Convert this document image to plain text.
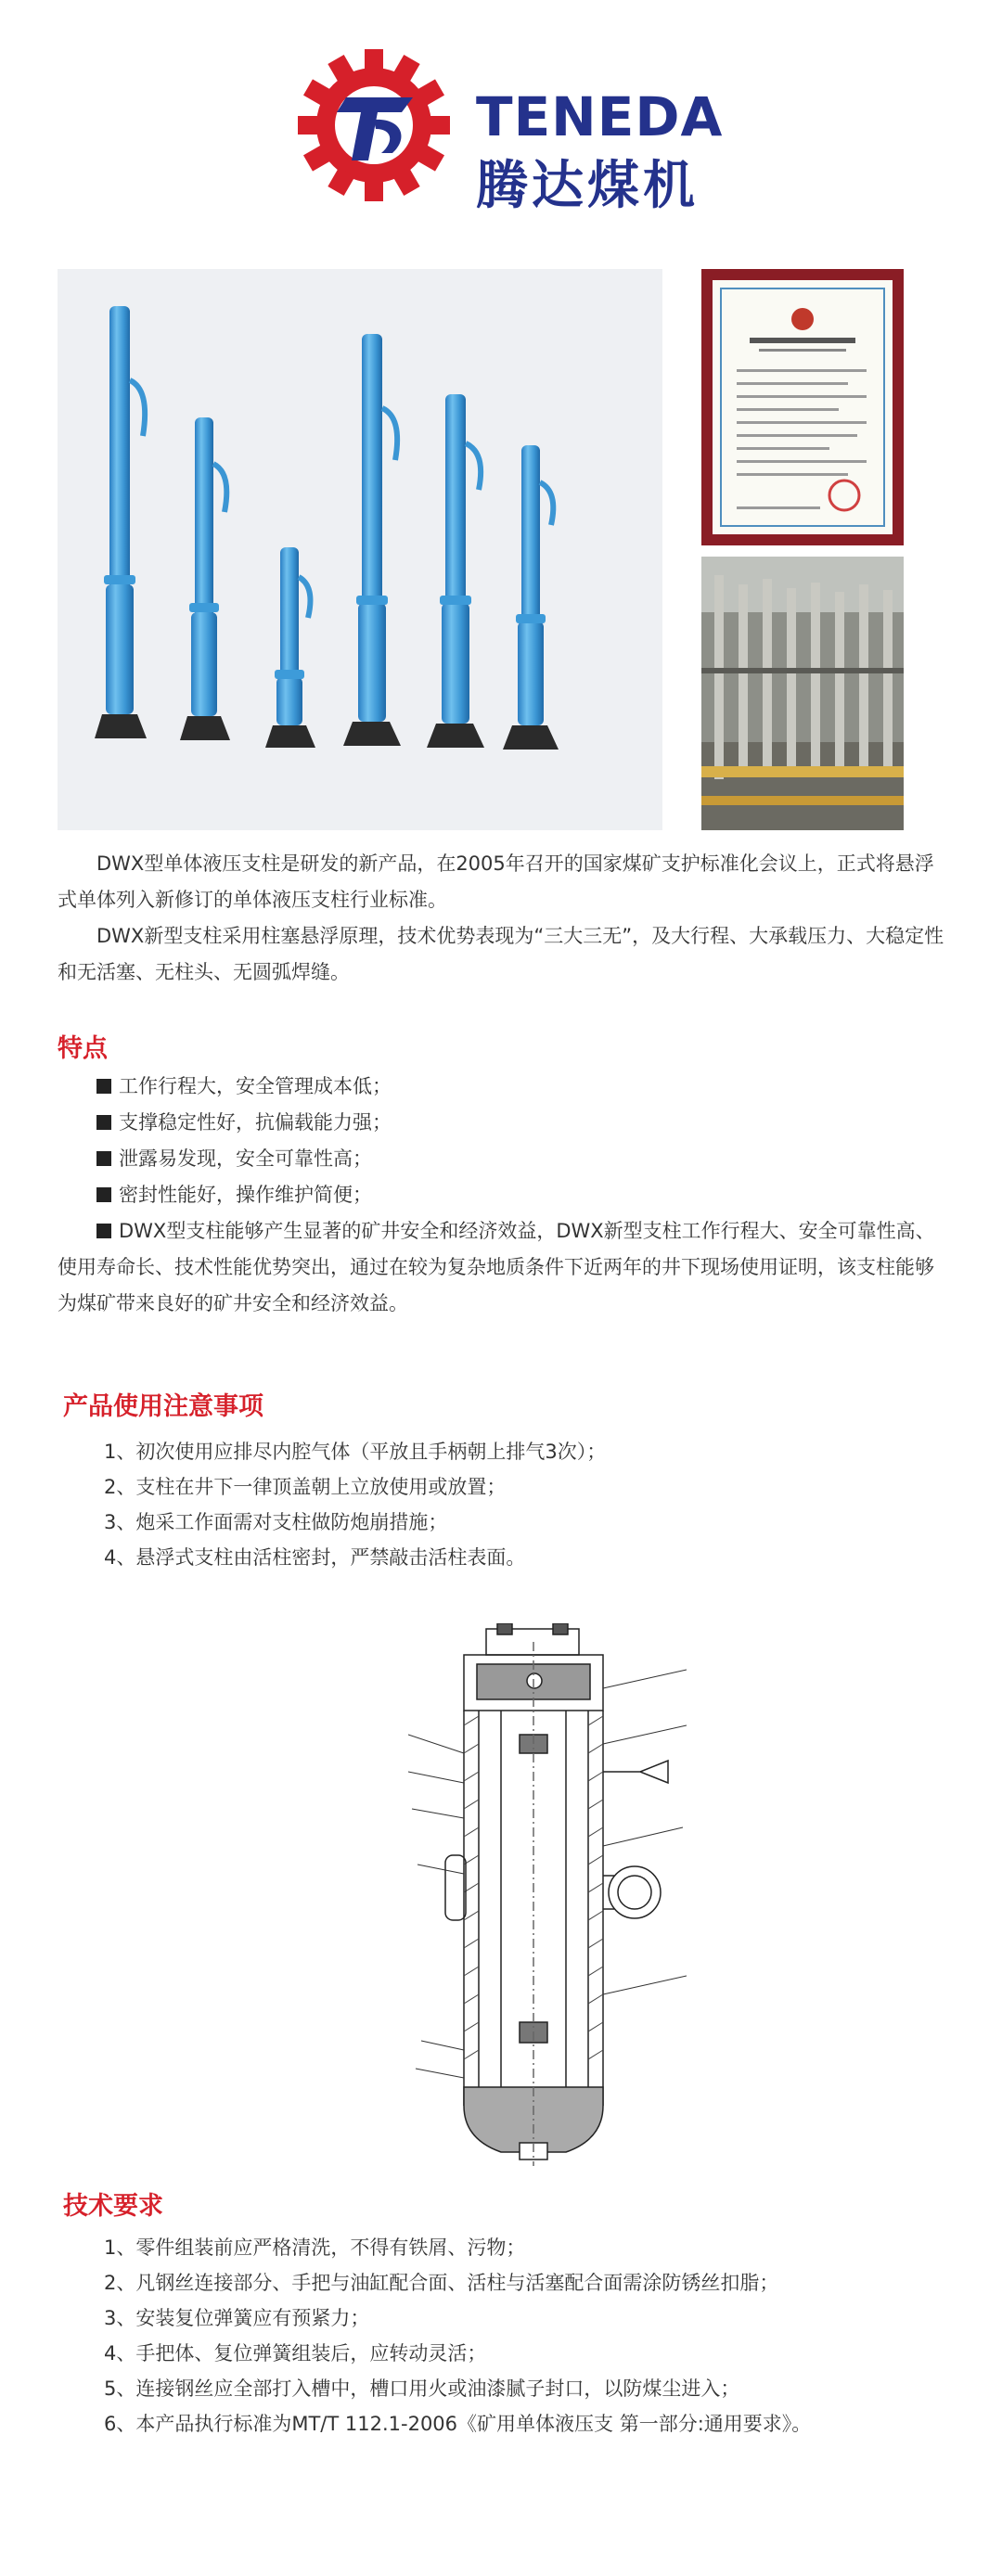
TENEDA
腾达煤机

DWX型单体液压支柱是研发的新产品，在2005年召开的国家煤矿支护标准化会议上，正式将悬浮式单体列入新修订的单体液压支柱行业标准。

DWX新型支柱采用柱塞悬浮原理，技术优势表现为“三大三无”，及大行程、大承载压力、大稳定性和无活塞、无柱头、无圆弧焊缝。

特点

工作行程大，安全管理成本低；

支撑稳定性好，抗偏载能力强；

泄露易发现，安全可靠性高；

密封性能好，操作维护简便；

DWX型支柱能够产生显著的矿井安全和经济效益，DWX新型支柱工作行程大、安全可靠性高、使用寿命长、技术性能优势突出，通过在较为复杂地质条件下近两年的井下现场使用证明，该支柱能够为煤矿带来良好的矿井安全和经济效益。

产品使用注意事项

1、初次使用应排尽内腔气体（平放且手柄朝上排气3次）；

2、支柱在井下一律顶盖朝上立放使用或放置；

3、炮采工作面需对支柱做防炮崩措施；

4、悬浮式支柱由活柱密封，严禁敲击活柱表面。

技术要求

1、零件组装前应严格清洗，不得有铁屑、污物；

2、凡钢丝连接部分、手把与油缸配合面、活柱与活塞配合面需涂防锈丝扣脂；

3、安装复位弹簧应有预紧力；

4、手把体、复位弹簧组装后，应转动灵活；

5、连接钢丝应全部打入槽中，槽口用火或油漆腻子封口，以防煤尘进入；

6、本产品执行标准为MT/T 112.1-2006《矿用单体液压支 第一部分:通用要求》。
